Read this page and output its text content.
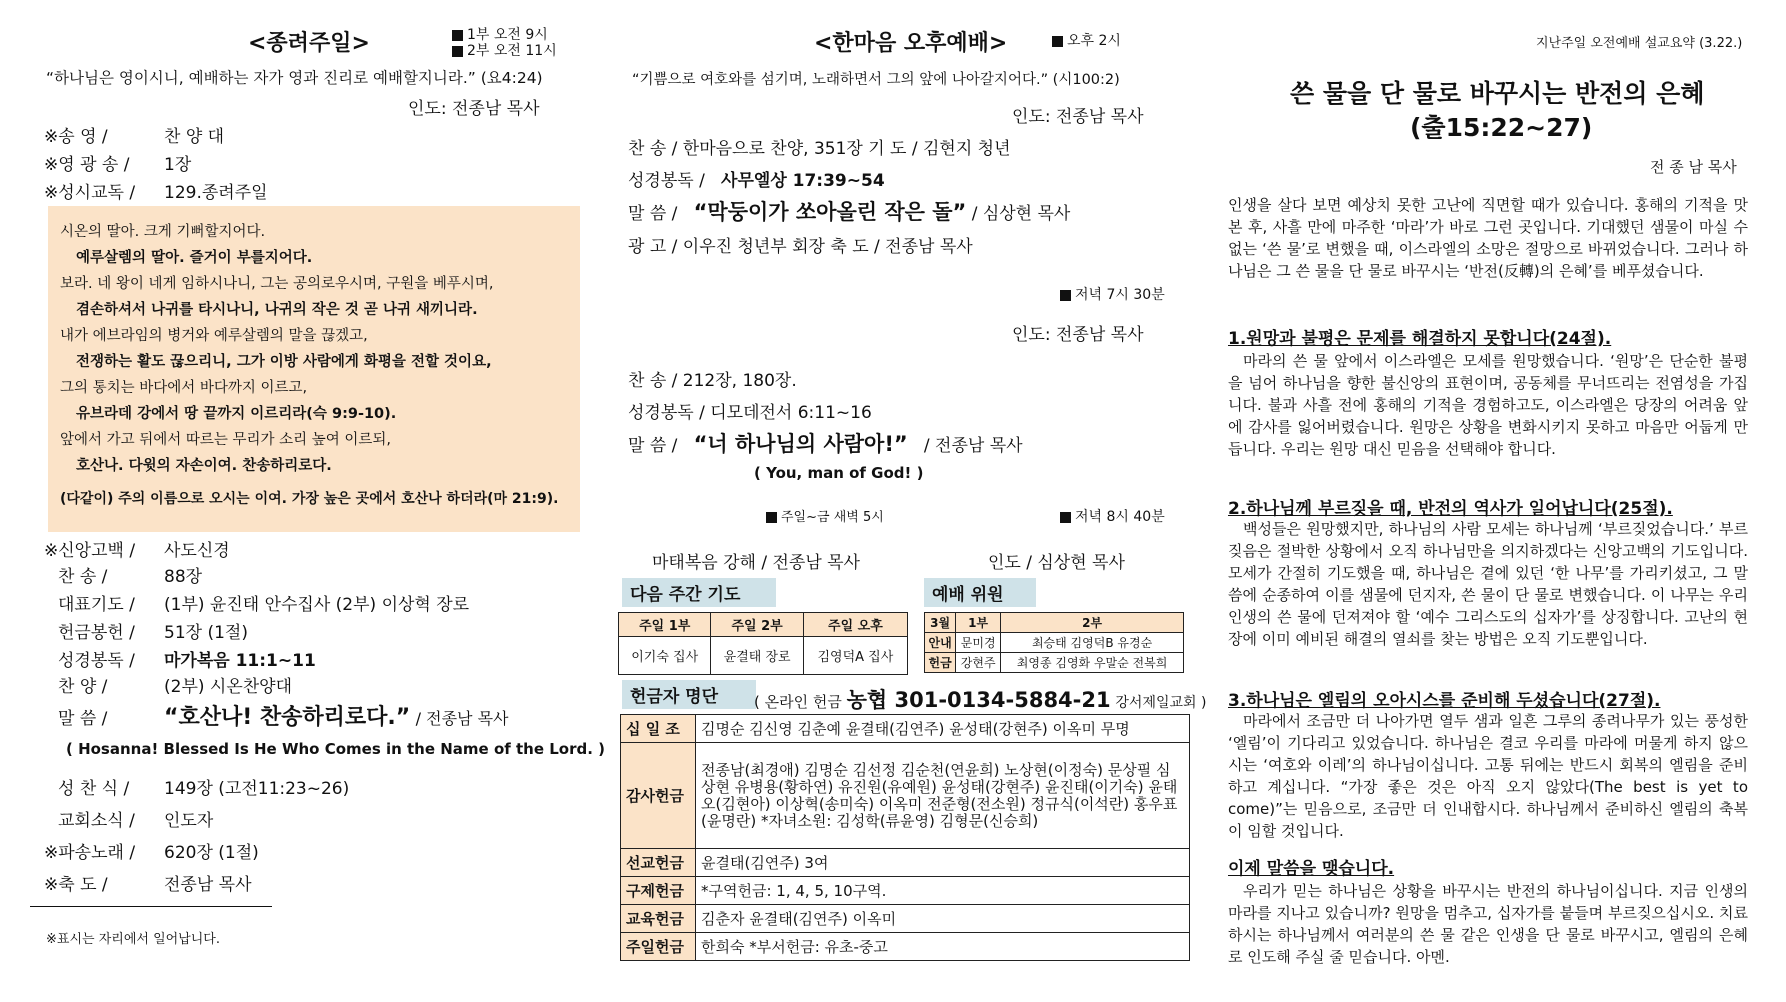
<종려주일>	1부 오전 9시
2부 오전 11시
“하나님은 영이시니, 예배하는 자가 영과 진리로 예배할지니라.” (요4:24)
인도: 전종남 목사
※송 영 /	찬 양 대
※영 광 송 / 1장
※성시교독 / 129.종려주일
시온의 딸아. 크게 기뻐할지어다.
예루살렘의 딸아. 즐거이 부를지어다.
보라. 네 왕이 네게 임하시나니, 그는 공의로우시며, 구원을 베푸시며,
겸손하셔서 나귀를 타시나니, 나귀의 작은 것 곧 나귀 새끼니라.
내가 에브라임의 병거와 예루살렘의 말을 끊겠고,
전쟁하는 활도 끊으리니, 그가 이방 사람에게 화평을 전할 것이요,
그의 통치는 바다에서 바다까지 이르고,
유브라데 강에서 땅 끝까지 이르리라(슥 9:9-10).
앞에서 가고 뒤에서 따르는 무리가 소리 높여 이르되,
호산나. 다윗의 자손이여. 찬송하리로다.
(다같이) 주의 이름으로 오시는 이여. 가장 높은 곳에서 호산나 하더라(마 21:9).
※신앙고백 / 사도신경
찬 송 /	88장
대표기도 / (1부) 윤진태 안수집사 (2부) 이상혁 장로
헌금봉헌 / 51장 (1절)
성경봉독 / 마가복음 11:1~11
찬 양 /	(2부) 시온찬양대
말 씀 /	“호산나! 찬송하리로다.” / 전종남 목사
( Hosanna! Blessed Is He Who Comes in the Name of the Lord. )
성 찬 식 / 149장 (고전11:23~26)
교회소식 / 인도자
※파송노래 / 620장 (1절)
※축 도 /	전종남 목사
※표시는 자리에서 일어납니다.
<한마음 오후예배>	오후 2시
“기쁨으로 여호와를 섬기며, 노래하면서 그의 앞에 나아갈지어다.” (시100:2)
인도: 전종남 목사
찬 송 / 한마음으로 찬양, 351장 기 도 / 김현지 청년
성경봉독 / 사무엘상 17:39~54
말 씀 / “막둥이가 쏘아올린 작은 돌” / 심상현 목사
광 고 / 이우진 청년부 회장 축 도 / 전종남 목사
저녁 7시 30분
인도: 전종남 목사
찬 송 / 212장, 180장.
성경봉독 / 디모데전서 6:11~16
말 씀 / “너 하나님의 사람아!” / 전종남 목사
( You, man of God! )
주일~금 새벽 5시	저녁 8시 40분
마태복음 강해 / 전종남 목사	인도 / 심상현 목사
다음 주간 기도
주일 1부	주일 2부	주일 오후
이기숙 집사	윤결태 장로	김영덕A 집사
예배 위원
3월	1부	2부
안내	문미경	최승태 김영덕B 유경순
헌금	강현주	최영종 김영화 우말순 전복희
헌금자 명단	( 온라인 헌금 농협 301-0134-5884-21 강서제일교회 )
십 일 조	김명순 김신영 김춘예 윤결태(김연주) 윤성태(강현주) 이옥미 무명
감사헌금	전종남(최경애) 김명순 김선정 김순천(연윤희) 노상현(이정숙) 문상필 심상현 유병용(황하연) 유진원(유예원) 윤성태(강현주) 윤진태(이기숙) 윤태오(김현아) 이상혁(송미숙) 이옥미 전준형(전소원) 정규식(이석란) 홍우표(윤명란) *자녀소원: 김성학(류윤영) 김형문(신승희)
선교헌금	윤결태(김연주) 3여
구제헌금	*구역헌금: 1, 4, 5, 10구역.
교육헌금	김춘자 윤결태(김연주) 이옥미
주일헌금	한희숙 *부서헌금: 유초-중고
지난주일 오전예배 설교요약 (3.22.)
쓴 물을 단 물로 바꾸시는 반전의 은혜
(출15:22~27)
전 종 남 목사
인생을 살다 보면 예상치 못한 고난에 직면할 때가 있습니다. 홍해의 기적을 맛본 후, 사흘 만에 마주한 ‘마라’가 바로 그런 곳입니다. 기대했던 샘물이 마실 수 없는 ‘쓴 물’로 변했을 때, 이스라엘의 소망은 절망으로 바뀌었습니다. 그러나 하나님은 그 쓴 물을 단 물로 바꾸시는 ‘반전(反轉)의 은혜’를 베푸셨습니다.
1.원망과 불평은 문제를 해결하지 못합니다(24절).
마라의 쓴 물 앞에서 이스라엘은 모세를 원망했습니다. ‘원망’은 단순한 불평을 넘어 하나님을 향한 불신앙의 표현이며, 공동체를 무너뜨리는 전염성을 가집니다. 불과 사흘 전에 홍해의 기적을 경험하고도, 이스라엘은 당장의 어려움 앞에 감사를 잃어버렸습니다. 원망은 상황을 변화시키지 못하고 마음만 어둡게 만듭니다. 우리는 원망 대신 믿음을 선택해야 합니다.
2.하나님께 부르짖을 때, 반전의 역사가 일어납니다(25절).
백성들은 원망했지만, 하나님의 사람 모세는 하나님께 ‘부르짖었습니다.’ 부르짖음은 절박한 상황에서 오직 하나님만을 의지하겠다는 신앙고백의 기도입니다. 모세가 간절히 기도했을 때, 하나님은 곁에 있던 ‘한 나무’를 가리키셨고, 그 말씀에 순종하여 이를 샘물에 던지자, 쓴 물이 단 물로 변했습니다. 이 나무는 우리 인생의 쓴 물에 던져져야 할 ‘예수 그리스도의 십자가’를 상징합니다. 고난의 현장에 이미 예비된 해결의 열쇠를 찾는 방법은 오직 기도뿐입니다.
3.하나님은 엘림의 오아시스를 준비해 두셨습니다(27절).
마라에서 조금만 더 나아가면 열두 샘과 일흔 그루의 종려나무가 있는 풍성한 ‘엘림’이 기다리고 있었습니다. 하나님은 결코 우리를 마라에 머물게 하지 않으시는 ‘여호와 이레’의 하나님이십니다. 고통 뒤에는 반드시 회복의 엘림을 준비하고 계십니다. “가장 좋은 것은 아직 오지 않았다(The best is yet to come)”는 믿음으로, 조금만 더 인내합시다. 하나님께서 준비하신 엘림의 축복이 임할 것입니다.
이제 말씀을 맺습니다.
우리가 믿는 하나님은 상황을 바꾸시는 반전의 하나님이십니다. 지금 인생의 마라를 지나고 있습니까? 원망을 멈추고, 십자가를 붙들며 부르짖으십시오. 치료하시는 하나님께서 여러분의 쓴 물 같은 인생을 단 물로 바꾸시고, 엘림의 은혜로 인도해 주실 줄 믿습니다. 아멘.
